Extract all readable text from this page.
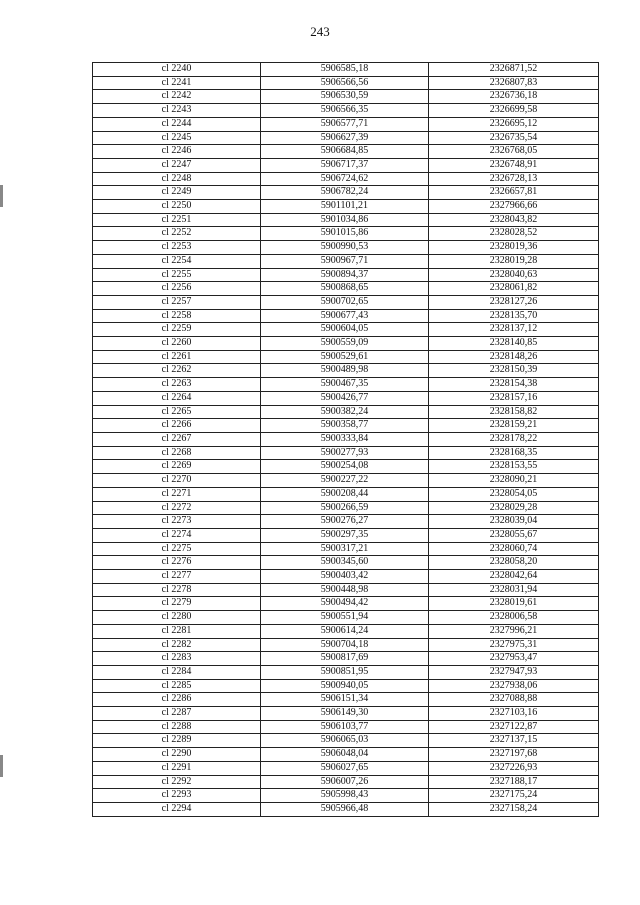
243
cl 2240	5906585,18	2326871,52
cl 2241	5906566,56	2326807,83
cl 2242	5906530,59	2326736,18
cl 2243	5906566,35	2326699,58
cl 2244	5906577,71	2326695,12
cl 2245	5906627,39	2326735,54
cl 2246	5906684,85	2326768,05
cl 2247	5906717,37	2326748,91
cl 2248	5906724,62	2326728,13
cl 2249	5906782,24	2326657,81
cl 2250	5901101,21	2327966,66
cl 2251	5901034,86	2328043,82
cl 2252	5901015,86	2328028,52
cl 2253	5900990,53	2328019,36
cl 2254	5900967,71	2328019,28
cl 2255	5900894,37	2328040,63
cl 2256	5900868,65	2328061,82
cl 2257	5900702,65	2328127,26
cl 2258	5900677,43	2328135,70
cl 2259	5900604,05	2328137,12
cl 2260	5900559,09	2328140,85
cl 2261	5900529,61	2328148,26
cl 2262	5900489,98	2328150,39
cl 2263	5900467,35	2328154,38
cl 2264	5900426,77	2328157,16
cl 2265	5900382,24	2328158,82
cl 2266	5900358,77	2328159,21
cl 2267	5900333,84	2328178,22
cl 2268	5900277,93	2328168,35
cl 2269	5900254,08	2328153,55
cl 2270	5900227,22	2328090,21
cl 2271	5900208,44	2328054,05
cl 2272	5900266,59	2328029,28
cl 2273	5900276,27	2328039,04
cl 2274	5900297,35	2328055,67
cl 2275	5900317,21	2328060,74
cl 2276	5900345,60	2328058,20
cl 2277	5900403,42	2328042,64
cl 2278	5900448,98	2328031,94
cl 2279	5900494,42	2328019,61
cl 2280	5900551,94	2328006,58
cl 2281	5900614,24	2327996,21
cl 2282	5900704,18	2327975,31
cl 2283	5900817,69	2327953,47
cl 2284	5900851,95	2327947,93
cl 2285	5900940,05	2327938,06
cl 2286	5906151,34	2327088,88
cl 2287	5906149,30	2327103,16
cl 2288	5906103,77	2327122,87
cl 2289	5906065,03	2327137,15
cl 2290	5906048,04	2327197,68
cl 2291	5906027,65	2327226,93
cl 2292	5906007,26	2327188,17
cl 2293	5905998,43	2327175,24
cl 2294	5905966,48	2327158,24
